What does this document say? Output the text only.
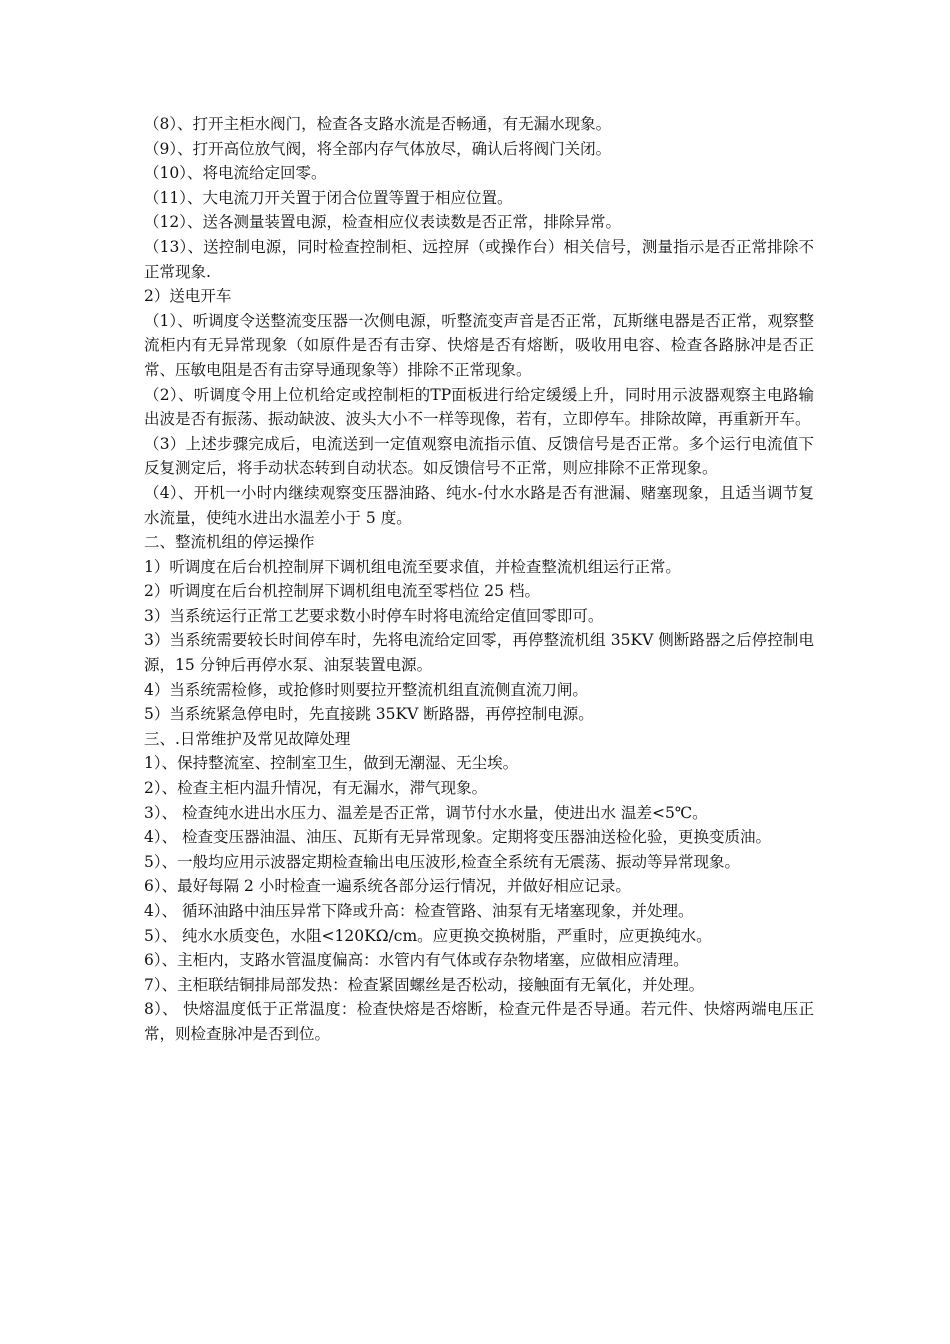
（8）、打开主柜水阀门，检查各支路水流是否畅通，有无漏水现象。

（9）、打开高位放气阀，将全部内存气体放尽，确认后将阀门关闭。

（10）、将电流给定回零。

（11）、大电流刀开关置于闭合位置等置于相应位置。

（12）、送各测量装置电源，检查相应仪表读数是否正常，排除异常。

（13）、送控制电源，同时检查控制柜、远控屏（或操作台）相关信号，测量指示是否正常排除不正常现象.

2）送电开车

（1）、听调度令送整流变压器一次侧电源，听整流变声音是否正常，瓦斯继电器是否正常，观察整流柜内有无异常现象（如原件是否有击穿、快熔是否有熔断，吸收用电容、检查各路脉冲是否正常、压敏电阻是否有击穿导通现象等）排除不正常现象。

（2）、听调度令用上位机给定或控制柜的TP面板进行给定缓缓上升，同时用示波器观察主电路输出波是否有振荡、振动缺波、波头大小不一样等现像，若有，立即停车。排除故障，再重新开车。

（3）上述步骤完成后，电流送到一定值观察电流指示值、反馈信号是否正常。多个运行电流值下反复测定后，将手动状态转到自动状态。如反馈信号不正常，则应排除不正常现象。

（4）、开机一小时内继续观察变压器油路、纯水-付水水路是否有泄漏、赌塞现象，且适当调节复水流量，使纯水进出水温差小于 5 度。

二、整流机组的停运操作

1）听调度在后台机控制屏下调机组电流至要求值，并检查整流机组运行正常。

2）听调度在后台机控制屏下调机组电流至零档位 25 档。

3）当系统运行正常工艺要求数小时停车时将电流给定值回零即可。

3）当系统需要较长时间停车时，先将电流给定回零，再停整流机组 35KV 侧断路器之后停控制电源，15 分钟后再停水泵、油泵装置电源。

4）当系统需检修，或抢修时则要拉开整流机组直流侧直流刀闸。

5）当系统紧急停电时，先直接跳 35KV 断路器，再停控制电源。

三、.日常维护及常见故障处理

1）、保持整流室、控制室卫生，做到无潮湿、无尘埃。

2）、检查主柜内温升情况，有无漏水，滞气现象。

3）、 检查纯水进出水压力、温差是否正常，调节付水水量，使进出水 温差<5℃。

4）、 检查变压器油温、油压、瓦斯有无异常现象。定期将变压器油送检化验，更换变质油。

5）、一般均应用示波器定期检查输出电压波形,检查全系统有无震荡、振动等异常现象。

6）、最好每隔 2 小时检查一遍系统各部分运行情况，并做好相应记录。

4）、 循环油路中油压异常下降或升高：检查管路、油泵有无堵塞现象，并处理。

5）、 纯水水质变色，水阻<120KΩ/cm。应更换交换树脂，严重时，应更换纯水。

6）、主柜内，支路水管温度偏高：水管内有气体或存杂物堵塞，应做相应清理。

7）、主柜联结铜排局部发热：检查紧固螺丝是否松动，接触面有无氧化，并处理。

8）、 快熔温度低于正常温度：检查快熔是否熔断，检查元件是否导通。若元件、快熔两端电压正常，则检查脉冲是否到位。
